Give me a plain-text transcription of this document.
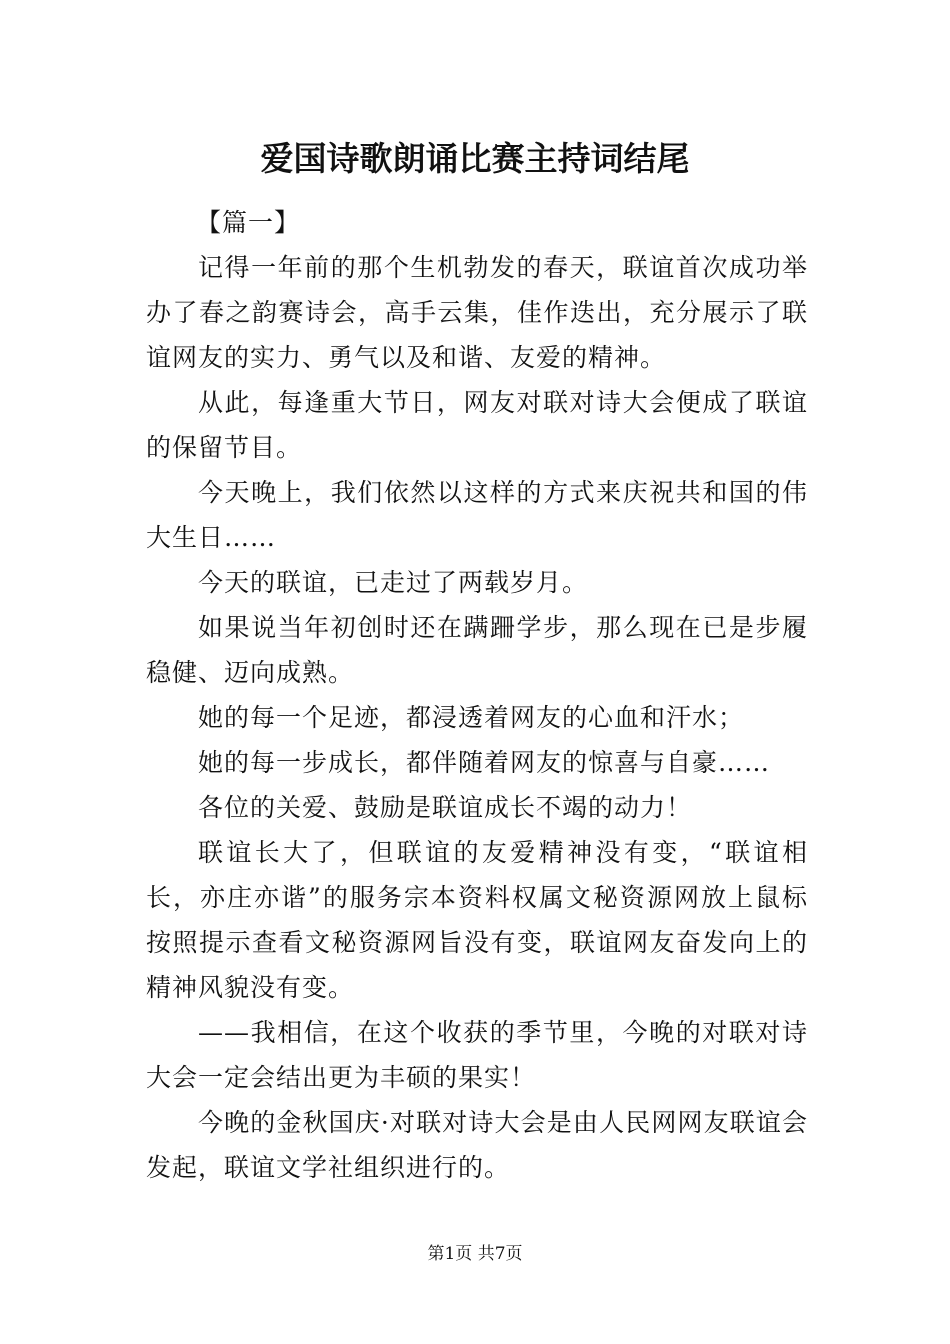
爱国诗歌朗诵比赛主持词结尾

【篇一】

记得一年前的那个生机勃发的春天，联谊首次成功举办了春之韵赛诗会，高手云集，佳作迭出，充分展示了联谊网友的实力、勇气以及和谐、友爱的精神。

从此，每逢重大节日，网友对联对诗大会便成了联谊的保留节目。

今天晚上，我们依然以这样的方式来庆祝共和国的伟大生日……

今天的联谊，已走过了两载岁月。

如果说当年初创时还在蹒跚学步，那么现在已是步履稳健、迈向成熟。

她的每一个足迹，都浸透着网友的心血和汗水；

她的每一步成长，都伴随着网友的惊喜与自豪……

各位的关爱、鼓励是联谊成长不竭的动力！

联谊长大了，但联谊的友爱精神没有变，“联谊相长，亦庄亦谐”的服务宗本资料权属文秘资源网放上鼠标按照提示查看文秘资源网旨没有变，联谊网友奋发向上的精神风貌没有变。

——我相信，在这个收获的季节里，今晚的对联对诗大会一定会结出更为丰硕的果实！

今晚的金秋国庆·对联对诗大会是由人民网网友联谊会发起，联谊文学社组织进行的。

第1页 共7页
